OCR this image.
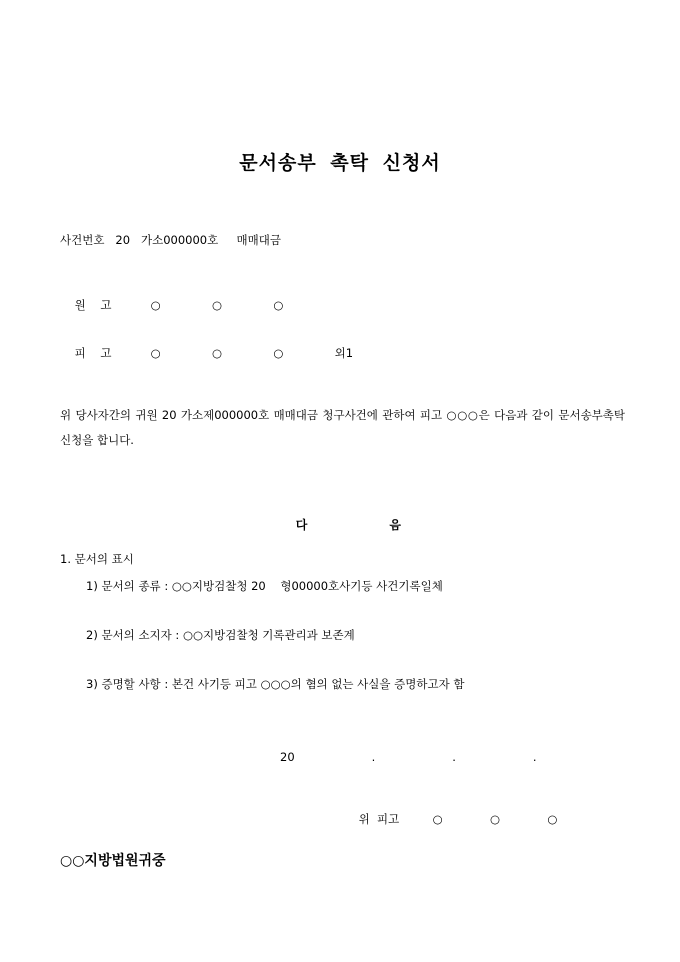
문서송부 촉탁 신청서
사건번호   20   가소000000호     매매대금

원    고	○  ○  ○

피    고	○  ○  ○  외1

위 당사자간의 귀원 20 가소제000000호 매매대금 청구사건에 관하여 피고 ○○○은 다음과 같이 문서송부촉탁 신청을 합니다.

다	음

1. 문서의 표시
1) 문서의 종류 : ○○지방검찰청 20    형00000호사기등 사건기록일체
2) 문서의 소지자 : ○○지방검찰청 기록관리과 보존계
3) 증명할 사항 : 본건 사기등 피고 ○○○의 혐의 없는 사실을 증명하고자 함
20   .   .   .

위  피고	○  ○  ○

○○지방법원귀중
